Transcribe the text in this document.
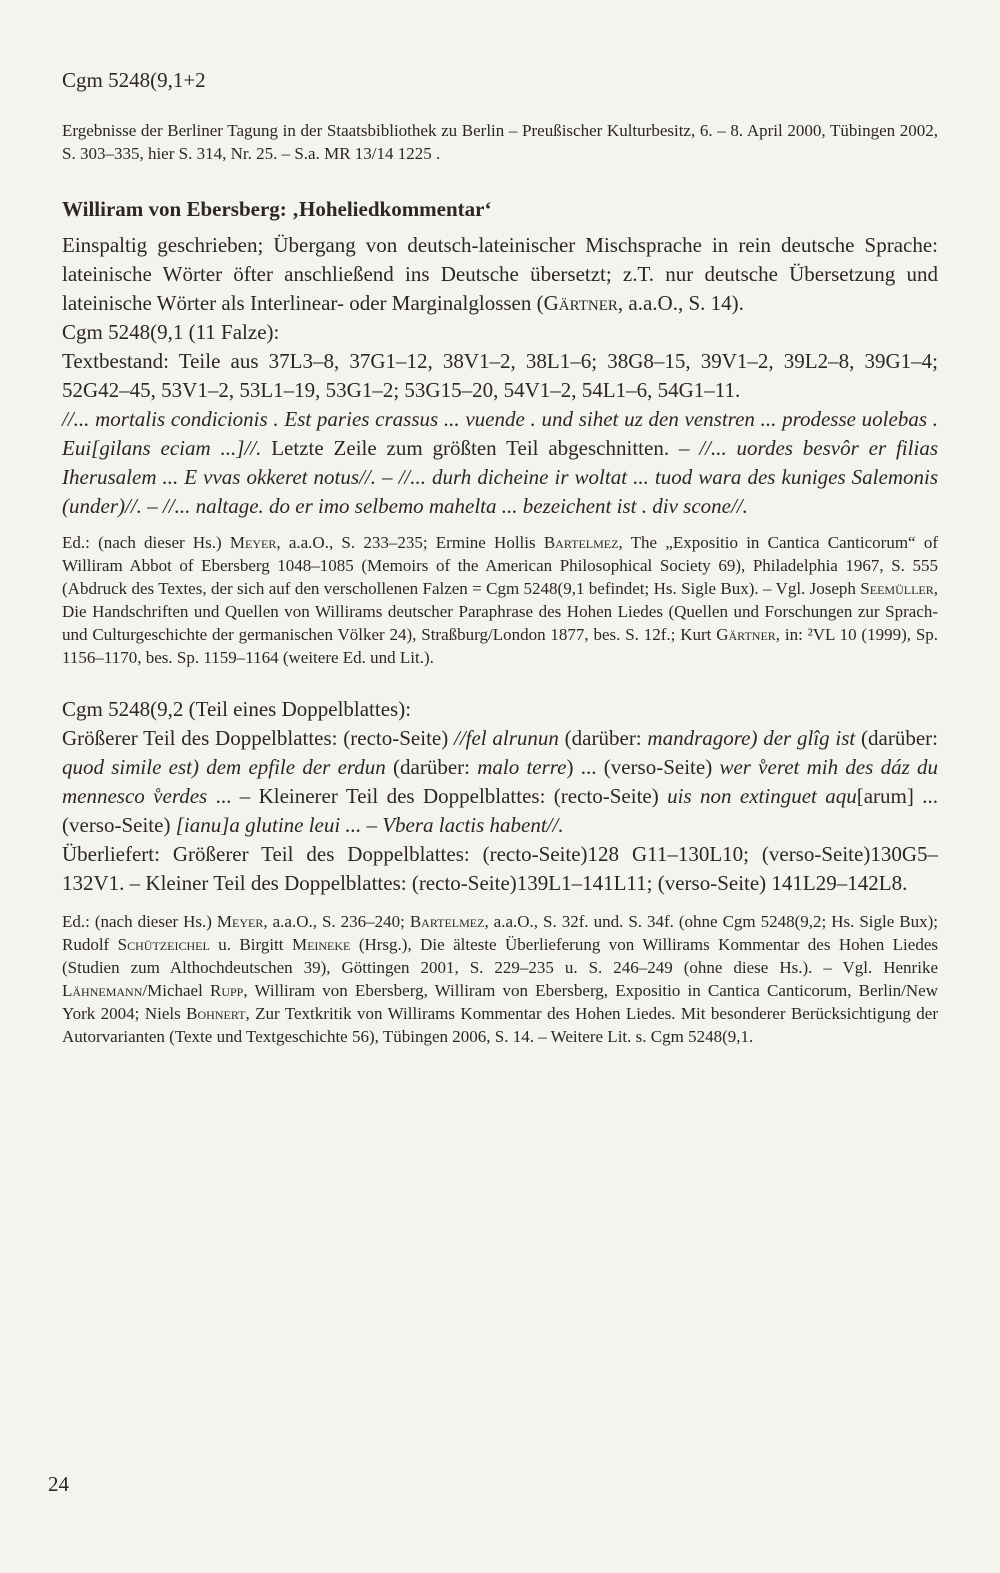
Cgm 5248(9,1+2
Ergebnisse der Berliner Tagung in der Staatsbibliothek zu Berlin – Preußischer Kulturbesitz, 6. – 8. April 2000, Tübingen 2002, S. 303–335, hier S. 314, Nr. 25. – S.a. MR 13/14 1225 .
Williram von Ebersberg: ‚Hoheliedkommentar‘
Einspaltig geschrieben; Übergang von deutsch-lateinischer Mischsprache in rein deutsche Sprache: lateinische Wörter öfter anschließend ins Deutsche übersetzt; z.T. nur deutsche Übersetzung und lateinische Wörter als Interlinear- oder Marginalglossen (Gärtner, a.a.O., S. 14).
Cgm 5248(9,1 (11 Falze):
Textbestand: Teile aus 37L3–8, 37G1–12, 38V1–2, 38L1–6; 38G8–15, 39V1–2, 39L2–8, 39G1–4; 52G42–45, 53V1–2, 53L1–19, 53G1–2; 53G15–20, 54V1–2, 54L1–6, 54G1–11.
//... mortalis condicionis . Est paries crassus ... vuende . und sihet uz den venstren ... prodesse uolebas . Eui[gilans eciam ...]//. Letzte Zeile zum größten Teil abgeschnitten. – //... uordes besvôr er filias Iherusalem ... E vvas okkeret notus//. – //... durh dicheine ir woltat ... tuod wara des kuniges Salemonis (under)//. – //... naltage. do er imo selbemo mahelta ... bezeichent ist . div scone//.
Ed.: (nach dieser Hs.) Meyer, a.a.O., S. 233–235; Ermine Hollis Bartelmez, The „Expositio in Cantica Canticorum“ of Williram Abbot of Ebersberg 1048–1085 (Memoirs of the American Philosophical Society 69), Philadelphia 1967, S. 555 (Abdruck des Textes, der sich auf den verschollenen Falzen = Cgm 5248(9,1 befindet; Hs. Sigle Bux). – Vgl. Joseph Seemüller, Die Handschriften und Quellen von Willirams deutscher Paraphrase des Hohen Liedes (Quellen und Forschungen zur Sprach- und Culturgeschichte der germanischen Völker 24), Straßburg/London 1877, bes. S. 12f.; Kurt Gärtner, in: ²VL 10 (1999), Sp. 1156–1170, bes. Sp. 1159–1164 (weitere Ed. und Lit.).
Cgm 5248(9,2 (Teil eines Doppelblattes):
Größerer Teil des Doppelblattes: (recto-Seite) //fel alrunun (darüber: mandragore) der glîg ist (darüber: quod simile est) dem epfile der erdun (darüber: malo terre) ... (verso-Seite) wer v̊eret mih des dáz du mennesco v̊erdes ... – Kleinerer Teil des Doppelblattes: (recto-Seite) uis non extinguet aqu[arum] ... (verso-Seite) [ianu]a glutine leui ... – Vbera lactis habent//.
Überliefert: Größerer Teil des Doppelblattes: (recto-Seite)128 G11–130L10; (verso-Seite)130G5–132V1. – Kleiner Teil des Doppelblattes: (recto-Seite)139L1–141L11; (verso-Seite) 141L29–142L8.
Ed.: (nach dieser Hs.) Meyer, a.a.O., S. 236–240; Bartelmez, a.a.O., S. 32f. und. S. 34f. (ohne Cgm 5248(9,2; Hs. Sigle Bux); Rudolf Schützeichel u. Birgitt Meineke (Hrsg.), Die älteste Überlieferung von Willirams Kommentar des Hohen Liedes (Studien zum Althochdeutschen 39), Göttingen 2001, S. 229–235 u. S. 246–249 (ohne diese Hs.). – Vgl. Henrike Lähnemann/Michael Rupp, Williram von Ebersberg, Williram von Ebersberg, Expositio in Cantica Canticorum, Berlin/New York 2004; Niels Bohnert, Zur Textkritik von Willirams Kommentar des Hohen Liedes. Mit besonderer Berücksichtigung der Autorvarianten (Texte und Textgeschichte 56), Tübingen 2006, S. 14. – Weitere Lit. s. Cgm 5248(9,1.
24
